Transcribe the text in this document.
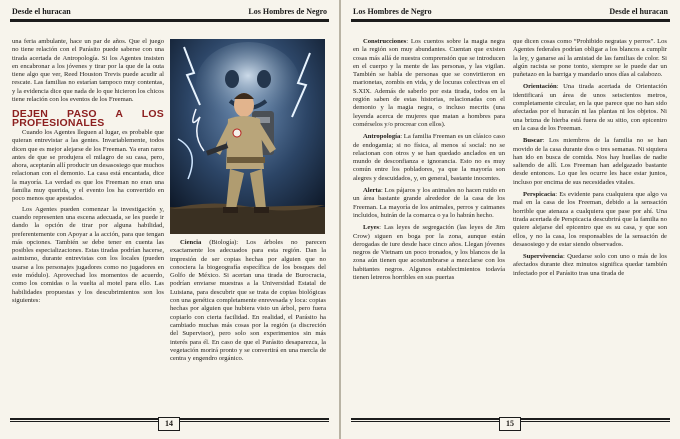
Desde el huracan	Los Hombres de Negro

una feria ambulante, hace un par de años. Que el juego no tiene relación con el Parásito puede saberse con una tirada acertada de Antropología. Si los Agentes insisten en encabronar a los jóvenes y tirar por la que de la outa tiene algo que ver, Reed Houston Trevis puede acudir al rescate. Las familias no estarían tampoco muy contentas, y la evidencia dice que nada de lo que hicieron los chicos tiene relación con los eventos de los Freeman.

DEJEN PASO A LOS PROFESIONALES

Cuando los Agentes lleguen al lugar, es probable que quieran entrevistar a las gentes. Invariablemente, todos dicen que es mejor alejarse de los Freeman. Ya eran raros antes de que se produjera el milagro de su casa, pero, ahora, aceptarán allí producir un desasosiego que muchos relacionan con el demonio. La casa está encantada, dice la mayoría. La verdad es que los Freeman no eran una familia muy querida, y el evento los ha convertido en poco menos que apestados.

Los Agentes pueden comenzar la investigación y, cuando representen una escena adecuada, se les puede ir dando la opción de tirar por alguna habilidad, preferentemente con Apoyar a la acción, para que tengan más opciones. También se debe tener en cuenta las posibles especializaciones. Estas tiradas podrían hacerse, asimismo, durante entrevistas con los locales (pueden usarse a los personajes jugadores como no jugadores en este módulo). Aprovechad los momentos de acuerdo, como los comidas o la vuelta al motel para ello. Las habilidades propuestas y los descubrimientos son los siguientes:

Ciencia (Biología): Los árboles no parecen exactamente los adecuados para esta región. Dan la impresión de ser copias hechas por alguien que no conociera la biogeografía específica de los bosques del Golfo de México. Si acertan una tirada de Burocracia, podrían enviarse muestras a la Universidad Estatal de Luisiana, para descubrir que se trata de copias biológicas con una genética completamente enrevesada y loca: copias hechas por alguien que hubiera visto un árbol, pero fuera copiarlo con cierta facilidad. En realidad, el Parásito ha cambiado muchas más cosas por la región (a discreción del Supervisor), pero solo son experimentos sin más interés para él. En caso de que el Parásito desaparezca, la vegetación morirá pronto y se convertirá en una mercla de centra y engendro orgánico.

14
Los Hombres de Negro	Desde el huracan

Construcciones: Los cuentos sobre la magia negra en la región son muy abundantes. Cuentan que existen cosas más allá de nuestra comprensión que se introducen en el cuerpo y la mente de las personas, y las vigilan. También se habla de personas que se convirtieron en marionetas, zombis en vida, y de locuras colectivas en el S.XIX. Además de saberlo por esta tirada, todos en la región saben de estas historias, relacionadas con el demonio y la magia negra, o incluso mecrits (una leyenda acerca de mujeres que matan a hombres para comérselos y/o procrear con ellos).

Antropología: La familia Freeman es un clásico caso de endogamia; si no física, al menos sí social: no se relacionan con otros y se han quedado anclados en un mundo de desconfianza e ignorancia. Esto no es muy común entre los pobladores, ya que la mayoría son alegres y descuidados, y, en general, bastante inocentes.

Alerta: Los pájaros y los animales no hacen ruido en un área bastante grande alrededor de la casa de los Freeman. La mayoría de los animales, perros y caimanes incluidos, huirán de la comarca o ya lo habrán hecho.

Leyes: Las leyes de segregación (las leyes de Jim Crow) siguen en boga por la zona, aunque están derogadas de iure desde hace cinco años. Llegan jóvenes negros de Vietnam un poco tronados, y los blancos de la zona aún tienen que acostumbrarse a mezclarse con los habitantes negros. Algunos establecimientos todavía tienen letreros horribles en sus puertas

que dicen cosas como “Prohibido negratas y perros”. Los Agentes federales podrían obligar a los blancos a cumplir la ley, y ganarse así la amistad de las familias de color. Si algún racista se pone tonto, siempre se le puede dar un puñetazo en la barriga y mandarlo unos días al calabozo.

Orientación: Una tirada acertada de Orientación identificará un área de unos seiscientos metros, completamente circular, en la que parece que no han sido afectadas por el huracán ni las plantas ni los objetos. Ni una brizna de hierba está fuera de su sitio, con epicentro en la casa de los Freeman.

Buscar: Los miembros de la familia no se han movido de la casa durante dos o tres semanas. Ni siquiera han ido en busca de comida. Nos hay huellas de nadie saliendo de allí. Los Freeman han adelgazado bastante desde entonces. Lo que les ocurre les hace estar juntos, incluso por encima de sus necesidades vitales.

Perspicacia: Es evidente para cualquiera que algo va mal en la casa de los Freeman, debido a la sensación horrible que atenaza a cualquiera que pase por ahí. Una tirada acertada de Perspicacia descubrirá que la familia no quiere alejarse del epicentro que es su casa, y que son ellos, y no la casa, los responsables de la sensación de desasosiego y de estar siendo observados.

Supervivencia: Quedarse solo con uno o más de los afectados durante diez minutos significa quedar también infectado por el Parásito tras una tirada de

15
